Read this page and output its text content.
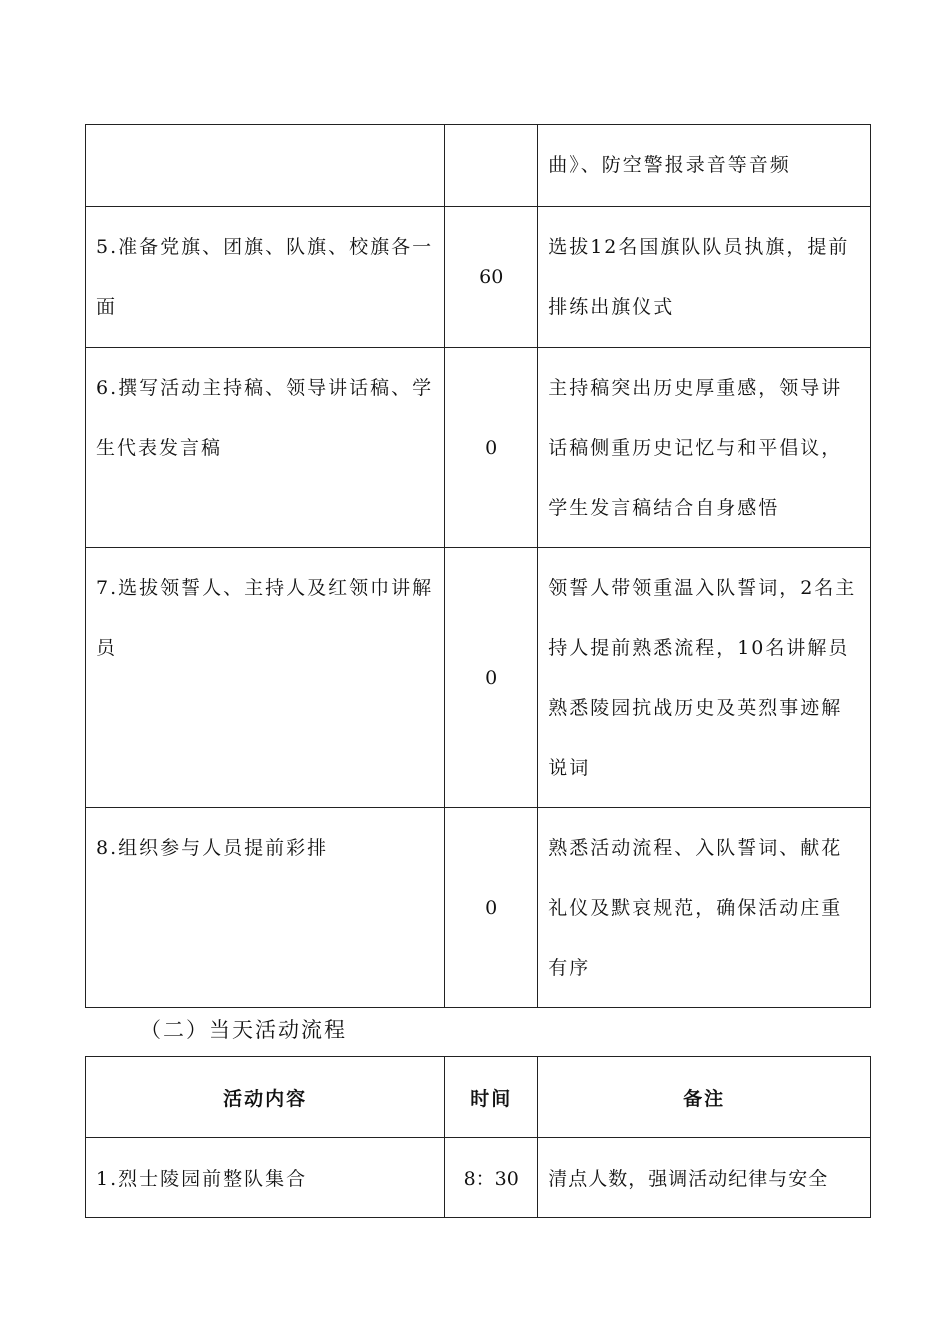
		曲》、防空警报录音等音频

5.准备党旗、团旗、队旗、校旗各一面	60	选拔12名国旗队队员执旗，提前排练出旗仪式

6.撰写活动主持稿、领导讲话稿、学生代表发言稿	0	主持稿突出历史厚重感，领导讲话稿侧重历史记忆与和平倡议，学生发言稿结合自身感悟

7.选拔领誓人、主持人及红领巾讲解员	0	领誓人带领重温入队誓词，2名主持人提前熟悉流程，10名讲解员熟悉陵园抗战历史及英烈事迹解说词

8.组织参与人员提前彩排	0	熟悉活动流程、入队誓词、献花礼仪及默哀规范，确保活动庄重有序
（二）当天活动流程
活动内容	时间	备注
1.烈士陵园前整队集合	8：30	清点人数，强调活动纪律与安全
